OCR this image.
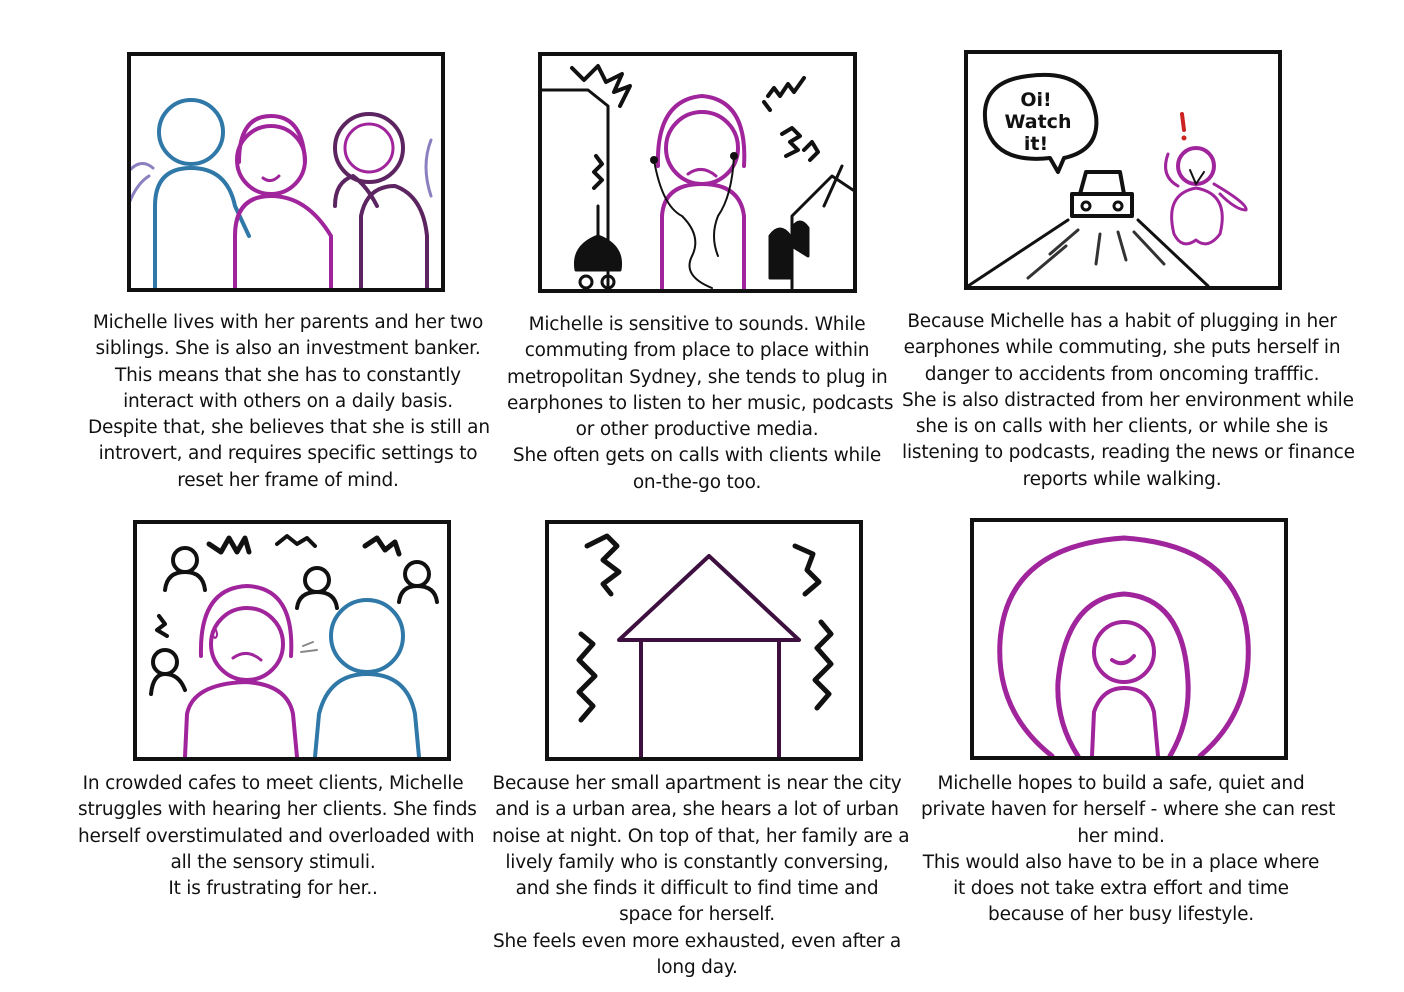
Michelle lives with her parents and her two
siblings. She is also an investment banker.
This means that she has to constantly
interact with others on a daily basis.
Despite that, she believes that she is still an
introvert, and requires specific settings to
reset her frame of mind.
Michelle is sensitive to sounds. While
commuting from place to place within
metropolitan Sydney, she tends to plug in
earphones to listen to her music, podcasts
or other productive media.
She often gets on calls with clients while
on-the-go too.
Oi!
Watch
it!
Because Michelle has a habit of plugging in her
earphones while commuting, she puts herself in
danger to accidents from oncoming trafffic.
She is also distracted from her environment while
she is on calls with her clients, or while she is
listening to podcasts, reading the news or finance
reports while walking.
In crowded cafes to meet clients, Michelle
struggles with hearing her clients. She finds
herself overstimulated and overloaded with
all the sensory stimuli.
It is frustrating for her..
Because her small apartment is near the city
and is a urban area, she hears a lot of urban
noise at night. On top of that, her family are a
lively family who is constantly conversing,
and she finds it difficult to find time and
space for herself.
She feels even more exhausted, even after a
long day.
Michelle hopes to build a safe, quiet and
private haven for herself - where she can rest
her mind.
This would also have to be in a place where
it does not take extra effort and time
because of her busy lifestyle.
